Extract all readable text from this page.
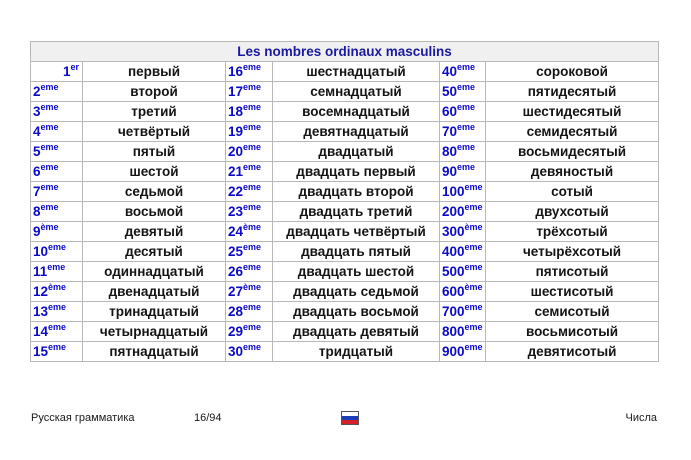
Les nombres ordinaux masculins					
1er	первый	16eme	шестнадцатый	40eme	сороковой
2eme	второй	17eme	семнадцатый	50eme	пятидесятый
3eme	третий	18eme	восемнадцатый	60eme	шестидесятый
4eme	четвёртый	19eme	девятнадцатый	70eme	семидесятый
5eme	пятый	20eme	двадцатый	80eme	восьмидесятый
6eme	шестой	21eme	двадцать первый	90eme	девяностый
7eme	седьмой	22eme	двадцать второй	100eme	сотый
8eme	восьмой	23eme	двадцать третий	200eme	двухсотый
9ème	девятый	24ème	двадцать четвёртый	300ème	трёхсотый
10eme	десятый	25eme	двадцать пятый	400eme	четырёхсотый
11eme	одиннадцатый	26eme	двадцать шестой	500eme	пятисотый
12ème	двенадцатый	27ème	двадцать седьмой	600ème	шестисотый
13eme	тринадцатый	28eme	двадцать восьмой	700eme	семисотый
14eme	четырнадцатый	29eme	двадцать девятый	800eme	восьмисотый
15eme	пятнадцатый	30eme	тридцатый	900eme	девятисотый
Русская грамматика	16/94	Числа
